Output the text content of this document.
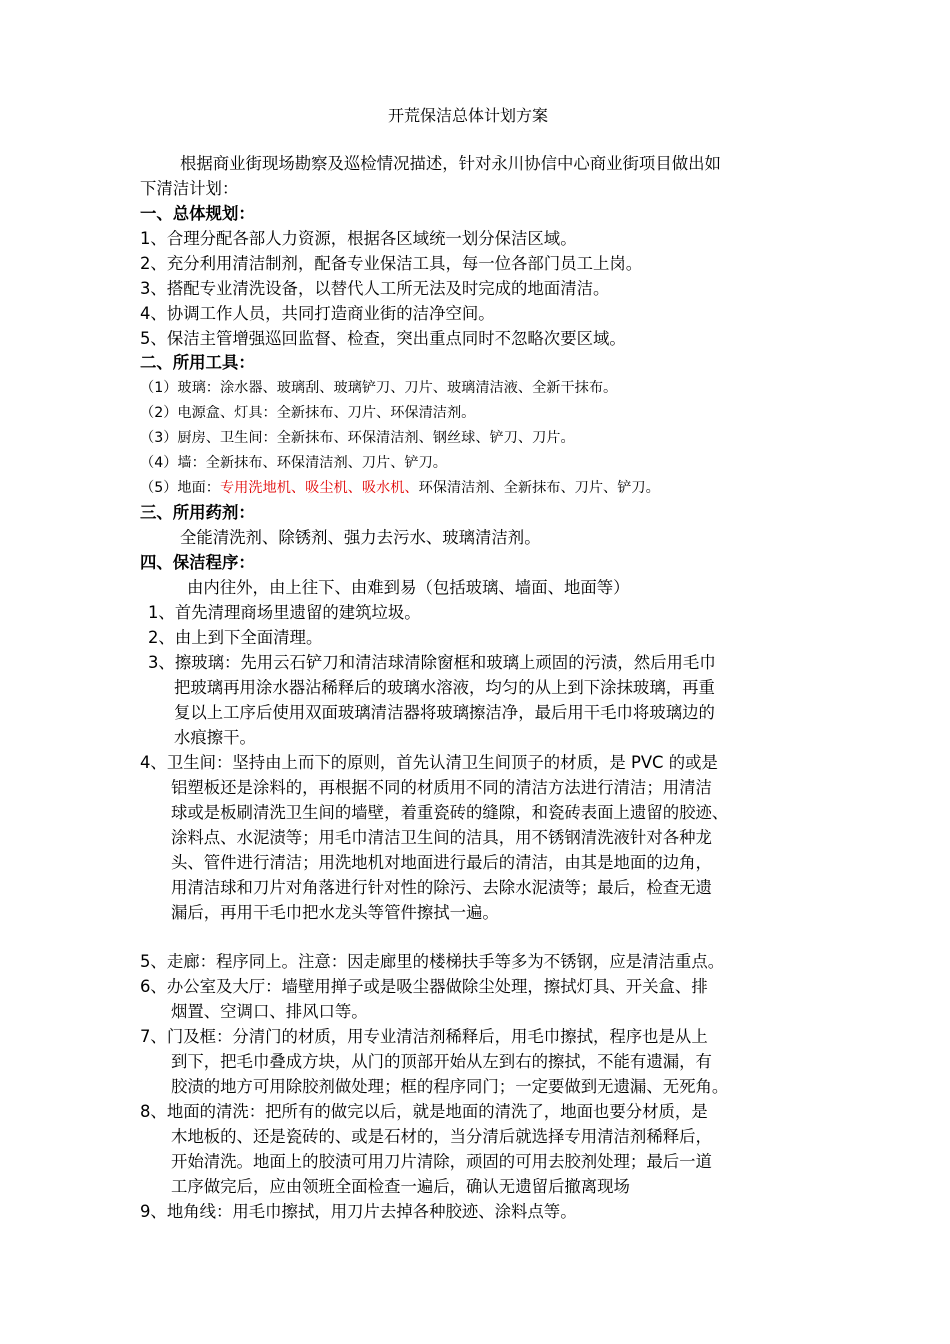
开荒保洁总体计划方案
根据商业街现场勘察及巡检情况描述，针对永川协信中心商业街项目做出如
下清洁计划：
一、总体规划：
1、合理分配各部人力资源，根据各区域统一划分保洁区域。
2、充分利用清洁制剂，配备专业保洁工具，每一位各部门员工上岗。
3、搭配专业清洗设备，以替代人工所无法及时完成的地面清洁。
4、协调工作人员，共同打造商业街的洁净空间。
5、保洁主管增强巡回监督、检查，突出重点同时不忽略次要区域。
二、所用工具：
（1）玻璃：涂水器、玻璃刮、玻璃铲刀、刀片、玻璃清洁液、全新干抹布。
（2）电源盒、灯具：全新抹布、刀片、环保清洁剂。
（3）厨房、卫生间：全新抹布、环保清洁剂、钢丝球、铲刀、刀片。
（4）墙：全新抹布、环保清洁剂、刀片、铲刀。
（5）地面：专用洗地机、吸尘机、吸水机、环保清洁剂、全新抹布、刀片、铲刀。
三、所用药剂：
全能清洗剂、除锈剂、强力去污水、玻璃清洁剂。
四、保洁程序：
由内往外，由上往下、由难到易（包括玻璃、墙面、地面等）
1、首先清理商场里遗留的建筑垃圾。
2、由上到下全面清理。
3、擦玻璃：先用云石铲刀和清洁球清除窗框和玻璃上顽固的污渍，然后用毛巾
把玻璃再用涂水器沾稀释后的玻璃水溶液，均匀的从上到下涂抹玻璃，再重
复以上工序后使用双面玻璃清洁器将玻璃擦洁净，最后用干毛巾将玻璃边的
水痕擦干。
4、卫生间：坚持由上而下的原则，首先认清卫生间顶子的材质，是 PVC 的或是
铝塑板还是涂料的，再根据不同的材质用不同的清洁方法进行清洁；用清洁
球或是板刷清洗卫生间的墙壁，着重瓷砖的缝隙，和瓷砖表面上遗留的胶迹、
涂料点、水泥渍等；用毛巾清洁卫生间的洁具，用不锈钢清洗液针对各种龙
头、管件进行清洁；用洗地机对地面进行最后的清洁，由其是地面的边角，
用清洁球和刀片对角落进行针对性的除污、去除水泥渍等；最后，检查无遗
漏后，再用干毛巾把水龙头等管件擦拭一遍。
5、走廊：程序同上。注意：因走廊里的楼梯扶手等多为不锈钢，应是清洁重点。
6、办公室及大厅：墙壁用掸子或是吸尘器做除尘处理，擦拭灯具、开关盒、排
烟置、空调口、排风口等。
7、门及框：分清门的材质，用专业清洁剂稀释后，用毛巾擦拭，程序也是从上
到下，把毛巾叠成方块，从门的顶部开始从左到右的擦拭，不能有遗漏，有
胶渍的地方可用除胶剂做处理；框的程序同门；一定要做到无遗漏、无死角。
8、地面的清洗：把所有的做完以后，就是地面的清洗了，地面也要分材质，是
木地板的、还是瓷砖的、或是石材的，当分清后就选择专用清洁剂稀释后，
开始清洗。地面上的胶渍可用刀片清除，顽固的可用去胶剂处理；最后一道
工序做完后，应由领班全面检查一遍后，确认无遗留后撤离现场
9、地角线：用毛巾擦拭，用刀片去掉各种胶迹、涂料点等。
